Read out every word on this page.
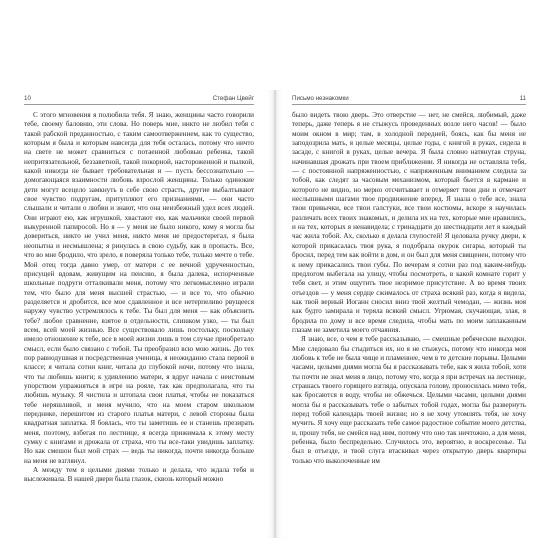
10	Стефан Цвейг	Письмо незнакомки	11

С этого мгновения я полюбила тебя. Я знаю, женщины часто говорили тебе, своему баловню, эти слова. Но поверь мне, никто не любил тебя с такой рабской преданностью, с таким самоотвержением, как то существо, которым я была и которым навсегда для тебя осталась, потому что ничто на свете не может сравниться с потаенной любовью ребенка, такой непритязательной, беззаветной, такой покорной, настороженной и пылкой, какой никогда не бывает требовательная и — пусть бессознательно — домогающаяся взаимности любовь взрослой женщины. Только одинокие дети могут всецело замкнуть в себе свою страсть, другие выбалтывают свое чувство подругам, притупляют его признаниями, — они часто слышали и читали о любви и знают, что она неизбежный удел всех людей. Они играют ею, как игрушкой, хвастают ею, как мальчики своей первой выкуренной папиросой. Но я — у меня не было никого, кому я могла бы довериться, никто не учил меня, никто меня не предостерегал, я была неопытна и несмышлена; я ринулась в свою судьбу, как в пропасть. Все, что во мне бродило, что зрело, я поверяла только тебе, только мечте о тебе. Мой отец тогда давно умер, от матери с ее вечной удрученностью, присущей вдовам, живущим на пенсию, я была далека, испорченные школьные подруги отталкивали меня, потому что легкомысленно играли тем, что было для меня высшей страстью, — и все то, что обычно разделяется и дробится, все мое сдавленное и все нетерпеливо рвущееся наружу чувство устремлялось к тебе. Ты был для меня — как объяснить тебе? любое сравнение, взятое в отдельности, слишком узко, — ты был всем, всей моей жизнью. Все существовало лишь постольку, поскольку имело отношение к тебе, все в моей жизни лишь в том случае приобретало смысл, если было связано с тобой. Ты преобразил всю мою жизнь. До тех пор равнодушная и посредственная ученица, я неожиданно стала первой в классе; я читала сотни книг, читала до глубокой ночи, потому что знала, что ты любишь книги; к удивлению матери, я вдруг начала с неистовым упорством упражняться в игре на рояле, так как предполагала, что ты любишь музыку. Я чистила и штопала свои платья, чтобы не показаться тебе неряшливой, и меня мучило, что на моем старом школьном переднике, перешитом из старого платья матери, с левой стороны была квадратная заплатка. Я боялась, что ты заметишь ее и станешь презирать меня, поэтому, взбегая по лестнице, я всегда прижимала к этому месту сумку с книгами и дрожала от страха, что ты все-таки увидишь заплатку. Но как смешон был мой страх — ведь ты никогда, почти никогда больше на меня не взглянул.

А между тем я целыми днями только и делала, что ждала тебя и выслеживала. В нашей двери была глазок, сквозь который можно

было видеть твою дверь. Это отверстие — нет, не смейся, любимый, даже теперь, даже теперь я не стыжусь проведенных возле него часов! — было моим окном в мир; там, в холодной передней, боясь, как бы меня не заподозрила мать, я целые месяцы, целые годы, с книгой в руках, сидела в засаде, с книгой в руках, целые вечера. Я была словно натянутая струна, начинавшая дрожать при твоем приближении. Я никогда не оставляла тебя, — с постоянной напряженностью, с напряженным вниманием следила за тобой, как следят за часовым механизмом, который бьется в кармане и которого не видно, но мерно отсчитывает и отмеряет твои дни и отмечает неслышными шагами твое продвижение вперед. Я знала о тебе все, знала твои привычки, все твои галстуки, все твои костюмы, вскоре я научилась различать всех твоих знакомых, и делила их на тех, которые мне нравились, и на тех, которых я ненавидела; с тринадцати до шестнадцати лет я каждый час жила тобой. Ах, сколько я делала глупостей! Я целовала ручку двери, к которой прикасалась твоя рука, я подобрала окурок сигары, который ты бросил, перед тем как войти в дом, и он был для меня священен, потому что к нему прикасались твои губы. По вечерам я сотни раз под каким-нибудь предлогом выбегала на улицу, чтобы посмотреть, в какой комнате горит у тебя свет, и этим ощутить твое незримое присутствие. А во время твоих отъездов — у меня сердце сжималось от страха всякий раз, когда я видела, как твой верный Иоганн сносил вниз твой желтый чемодан, — жизнь моя как будто замирала и теряла всякий смысл. Угрюмая, скучающая, злая, я бродила по дому и все время следила, чтобы мать по моим заплаканным глазам не заметила моего отчаяния.

Я знаю, все, о чем я тебе рассказываю, — смешные ребяческие выходки. Мне следовало бы стыдиться их, но я не стыжусь, потому что никогда моя любовь к тебе не была чище и пламеннее, чем в те детские порывы. Целыми часами, целыми днями могла бы я рассказывать тебе, как я жила тобой, хотя ты почти не знал меня в лицо, потому что, когда я при встречах на лестнице, страшась твоего горящего взгляда, опускала голову, проносилась мимо тебя, как бросаются в воду, чтобы не обжечься. Целыми часами, целыми днями могла бы я рассказывать тебе о забытых тобой годах, могла бы развернуть перед тобой календарь твоей жизни; но я не хочу утомлять тебя, не хочу мучить. Я хочу еще рассказать тебе самое радостное событие моего детства, и, прошу тебя, не смейся над ним, потому что оно так ничтожно, а для меня, ребенка, было беспредельно. Случилось это, вероятно, в воскресенье. Ты был в отъезде, и твой слуга втаскивал через открытую дверь квартиры только что выколоченные им
